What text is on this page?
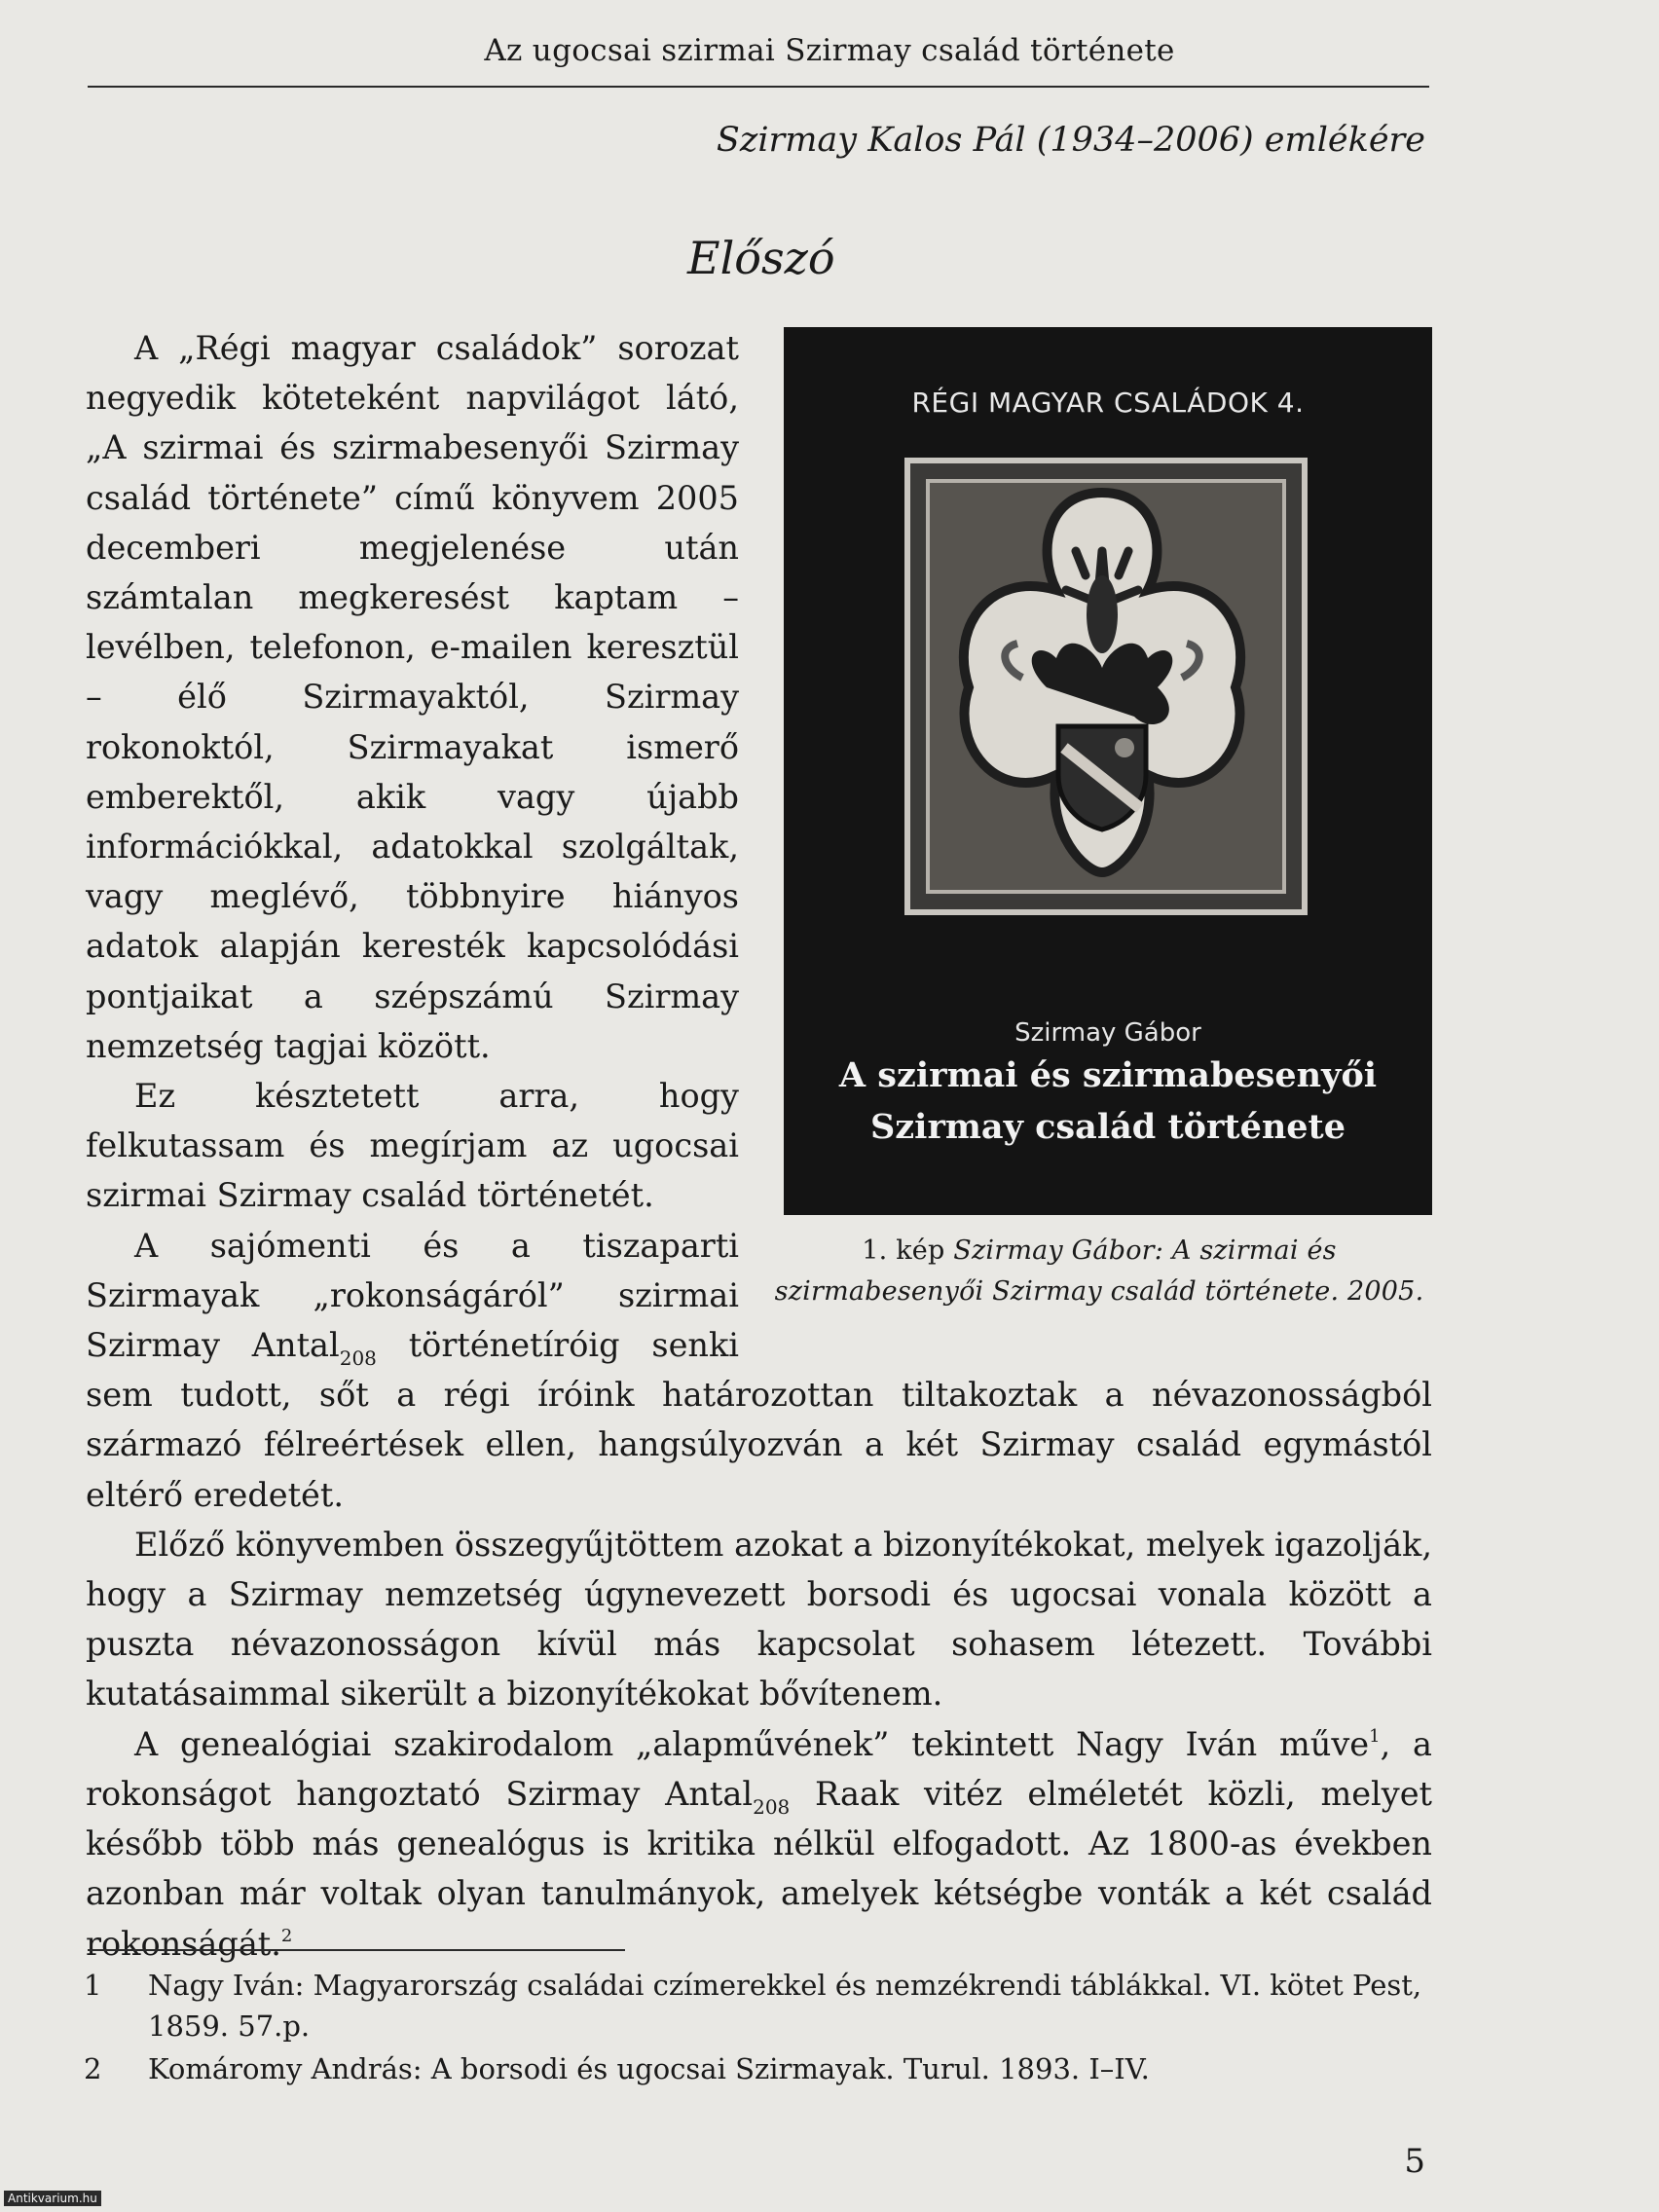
Az ugocsai szirmai Szirmay család története
Szirmay Kalos Pál (1934–2006) emlékére
Előszó
RÉGI MAGYAR CSALÁDOK 4.
Szirmay Gábor
A szirmai és szirmabesenyői
Szirmay család története
1. kép Szirmay Gábor: A szirmai és szirmabesenyői Szirmay család története. 2005.

A „Régi magyar családok” sorozat negyedik köteteként napvilágot látó, „A szirmai és szirmabesenyői Szirmay család története” című könyvem 2005 decemberi megjelenése után számtalan megkeresést kaptam – levélben, telefonon, e-mailen keresztül – élő Szirmayaktól, Szirmay rokonoktól, Szirmayakat ismerő emberektől, akik vagy újabb információkkal, adatokkal szolgáltak, vagy meglévő, többnyire hiányos adatok alapján keresték kapcsolódási pontjaikat a szépszámú Szirmay nemzetség tagjai között.

Ez késztetett arra, hogy felkutassam és megírjam az ugocsai szirmai Szirmay család történetét.

A sajómenti és a tiszaparti Szirmayak „rokonságáról” szirmai Szirmay Antal$_{208}$ történetíróig senki sem tudott, sőt a régi íróink határozottan tiltakoztak a névazonosságból származó félreértések ellen, hangsúlyozván a két Szirmay család egymástól eltérő eredetét.

Előző könyvemben összegyűjtöttem azokat a bizonyítékokat, melyek igazolják, hogy a Szirmay nemzetség úgynevezett borsodi és ugocsai vonala között a puszta névazonosságon kívül más kapcsolat sohasem létezett. További kutatásaimmal sikerült a bizonyítékokat bővítenem.

A genealógiai szakirodalom „alapművének” tekintett Nagy Iván műve$^1$, a rokonságot hangoztató Szirmay Antal$_{208}$ Raak vitéz elméletét közli, melyet később több más genealógus is kritika nélkül elfogadott. Az 1800-as években azonban már voltak olyan tanulmányok, amelyek kétségbe vonták a két család rokonságát.$^2$

1	Nagy Iván: Magyarország családai czímerekkel és nemzékrendi táblákkal. VI. kötet Pest, 1859. 57.p.
2	Komáromy András: A borsodi és ugocsai Szirmayak. Turul. 1893. I–IV.
5
Antikvarium.hu
